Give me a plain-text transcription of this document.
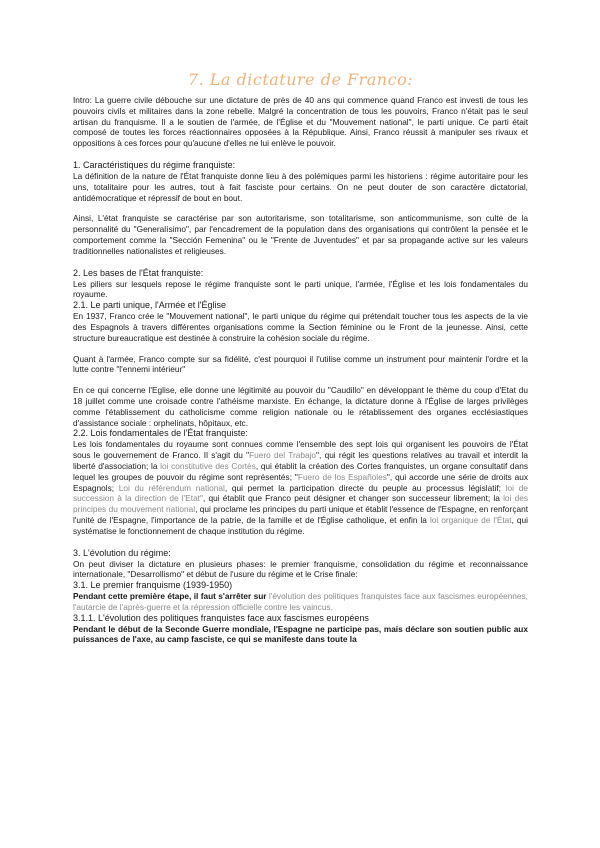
7. La dictature de Franco:

Intro: La guerre civile débouche sur une dictature de près de 40 ans qui commence quand Franco est investi de tous les pouvoirs civils et militaires dans la zone rebelle. Malgré la concentration de tous les pouvoirs, Franco n'était pas le seul artisan du franquisme. Il a le soutien de l'armée, de l'Église et du "Mouvement national", le parti unique. Ce parti était composé de toutes les forces réactionnaires opposées à la République. Ainsi, Franco réussit à manipuler ses rivaux et oppositions à ces forces pour qu'aucune d'elles ne lui enlève le pouvoir.

1. Caractéristiques du régime franquiste:

La définition de la nature de l'État franquiste donne lieu à des polémiques parmi les historiens : régime autoritaire pour les uns, totalitaire pour les autres, tout à fait fasciste pour certains. On ne peut douter de son caractère dictatorial, antidémocratique et répressif de bout en bout.

Ainsi, L'état franquiste se caractérise par son autoritarisme, son totalitarisme, son anticommunisme, son culte de la personnalité du "Generalísimo", par l'encadrement de la population dans des organisations qui contrôlent la pensée et le comportement comme la "Sección Femenina" ou le "Frente de Juventudes" et par sa propagande active sur les valeurs traditionnelles nationalistes et religieuses.

2. Les bases de l'État franquiste:

Les piliers sur lesquels repose le régime franquiste sont le parti unique, l'armée, l'Église et les lois fondamentales du royaume.

2.1. Le parti unique, l'Armée et l'Église

En 1937, Franco crée le "Mouvement national", le parti unique du régime qui prétendait toucher tous les aspects de la vie des Espagnols à travers différentes organisations comme la Section féminine ou le Front de la jeunesse. Ainsi, cette structure bureaucratique est destinée à construire la cohésion sociale du régime.

Quant à l'armée, Franco compte sur sa fidélité, c'est pourquoi il l'utilise comme un instrument pour maintenir l'ordre et la lutte contre "l'ennemi intérieur"

En ce qui concerne l'Eglise, elle donne une légitimité au pouvoir du "Caudillo" en développant le thème du coup d'Etat du 18 juillet comme une croisade contre l'athéisme marxiste. En échange, la dictature donne à l'Église de larges privilèges comme l'établissement du catholicisme comme religion nationale ou le rétablissement des organes ecclésiastiques d'assistance sociale : orphelinats, hôpitaux, etc.

2.2. Lois fondamentales de l'État franquiste:

Les lois fondamentales du royaume sont connues comme l'ensemble des sept lois qui organisent les pouvoirs de l'État sous le gouvernement de Franco. Il s'agit du "Fuero del Trabajo", qui régit les questions relatives au travail et interdit la liberté d'association; la loi constitutive des Cortès, qui établit la création des Cortes franquistes, un organe consultatif dans lequel les groupes de pouvoir du régime sont représentés; "Fuero de los Españoles", qui accorde une série de droits aux Espagnols; Loi du référendum national, qui permet la participation directe du peuple au processus législatif; loi de succession à la direction de l'Etat", qui établit que Franco peut désigner et changer son successeur librement; la loi des principes du mouvement national, qui proclame les principes du parti unique et établit l'essence de l'Espagne, en renforçant l'unité de l'Espagne, l'importance de la patrie, de la famille et de l'Église catholique, et enfin la loi organique de l'État, qui systématise le fonctionnement de chaque institution du régime.

3. L'évolution du régime:

On peut diviser la dictature en plusieurs phases: le premier franquisme, consolidation du régime et reconnaissance internationale, "Desarrollismo" et début de l'usure du régime et le Crise finale:

3.1. Le premier franquisme (1939-1950)

Pendant cette première étape, il faut s'arrêter sur l'évolution des politiques franquistes face aux fascismes européennes, l'autarcie de l'après-guerre et la répression officielle contre les vaincus.

3.1.1. L'évolution des politiques franquistes face aux fascismes européens

Pendant le début de la Seconde Guerre mondiale, l'Espagne ne participe pas, mais déclare son soutien public aux puissances de l'axe, au camp fasciste, ce qui se manifeste dans toute la
